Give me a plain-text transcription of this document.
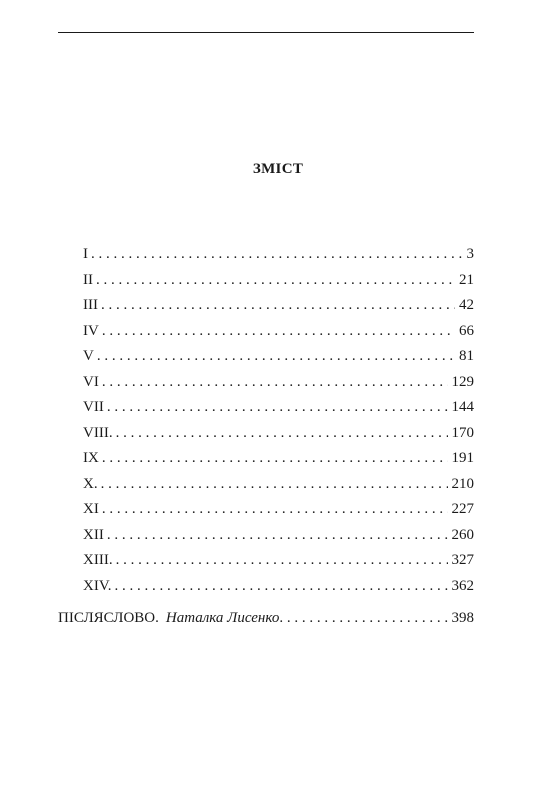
ЗМІСТ
I . . .	3
II . . .	21
III . . .	42
IV . . .	66
V . . .	81
VI . . .	129
VII . . .	144
VIII. . . .	170
IX . . .	191
X. . . .	210
XI . . .	227
XII . . .	260
XIII. . . .	327
XIV. . . .	362
ПІСЛЯСЛОВО. Наталка Лисенко . . .	398
